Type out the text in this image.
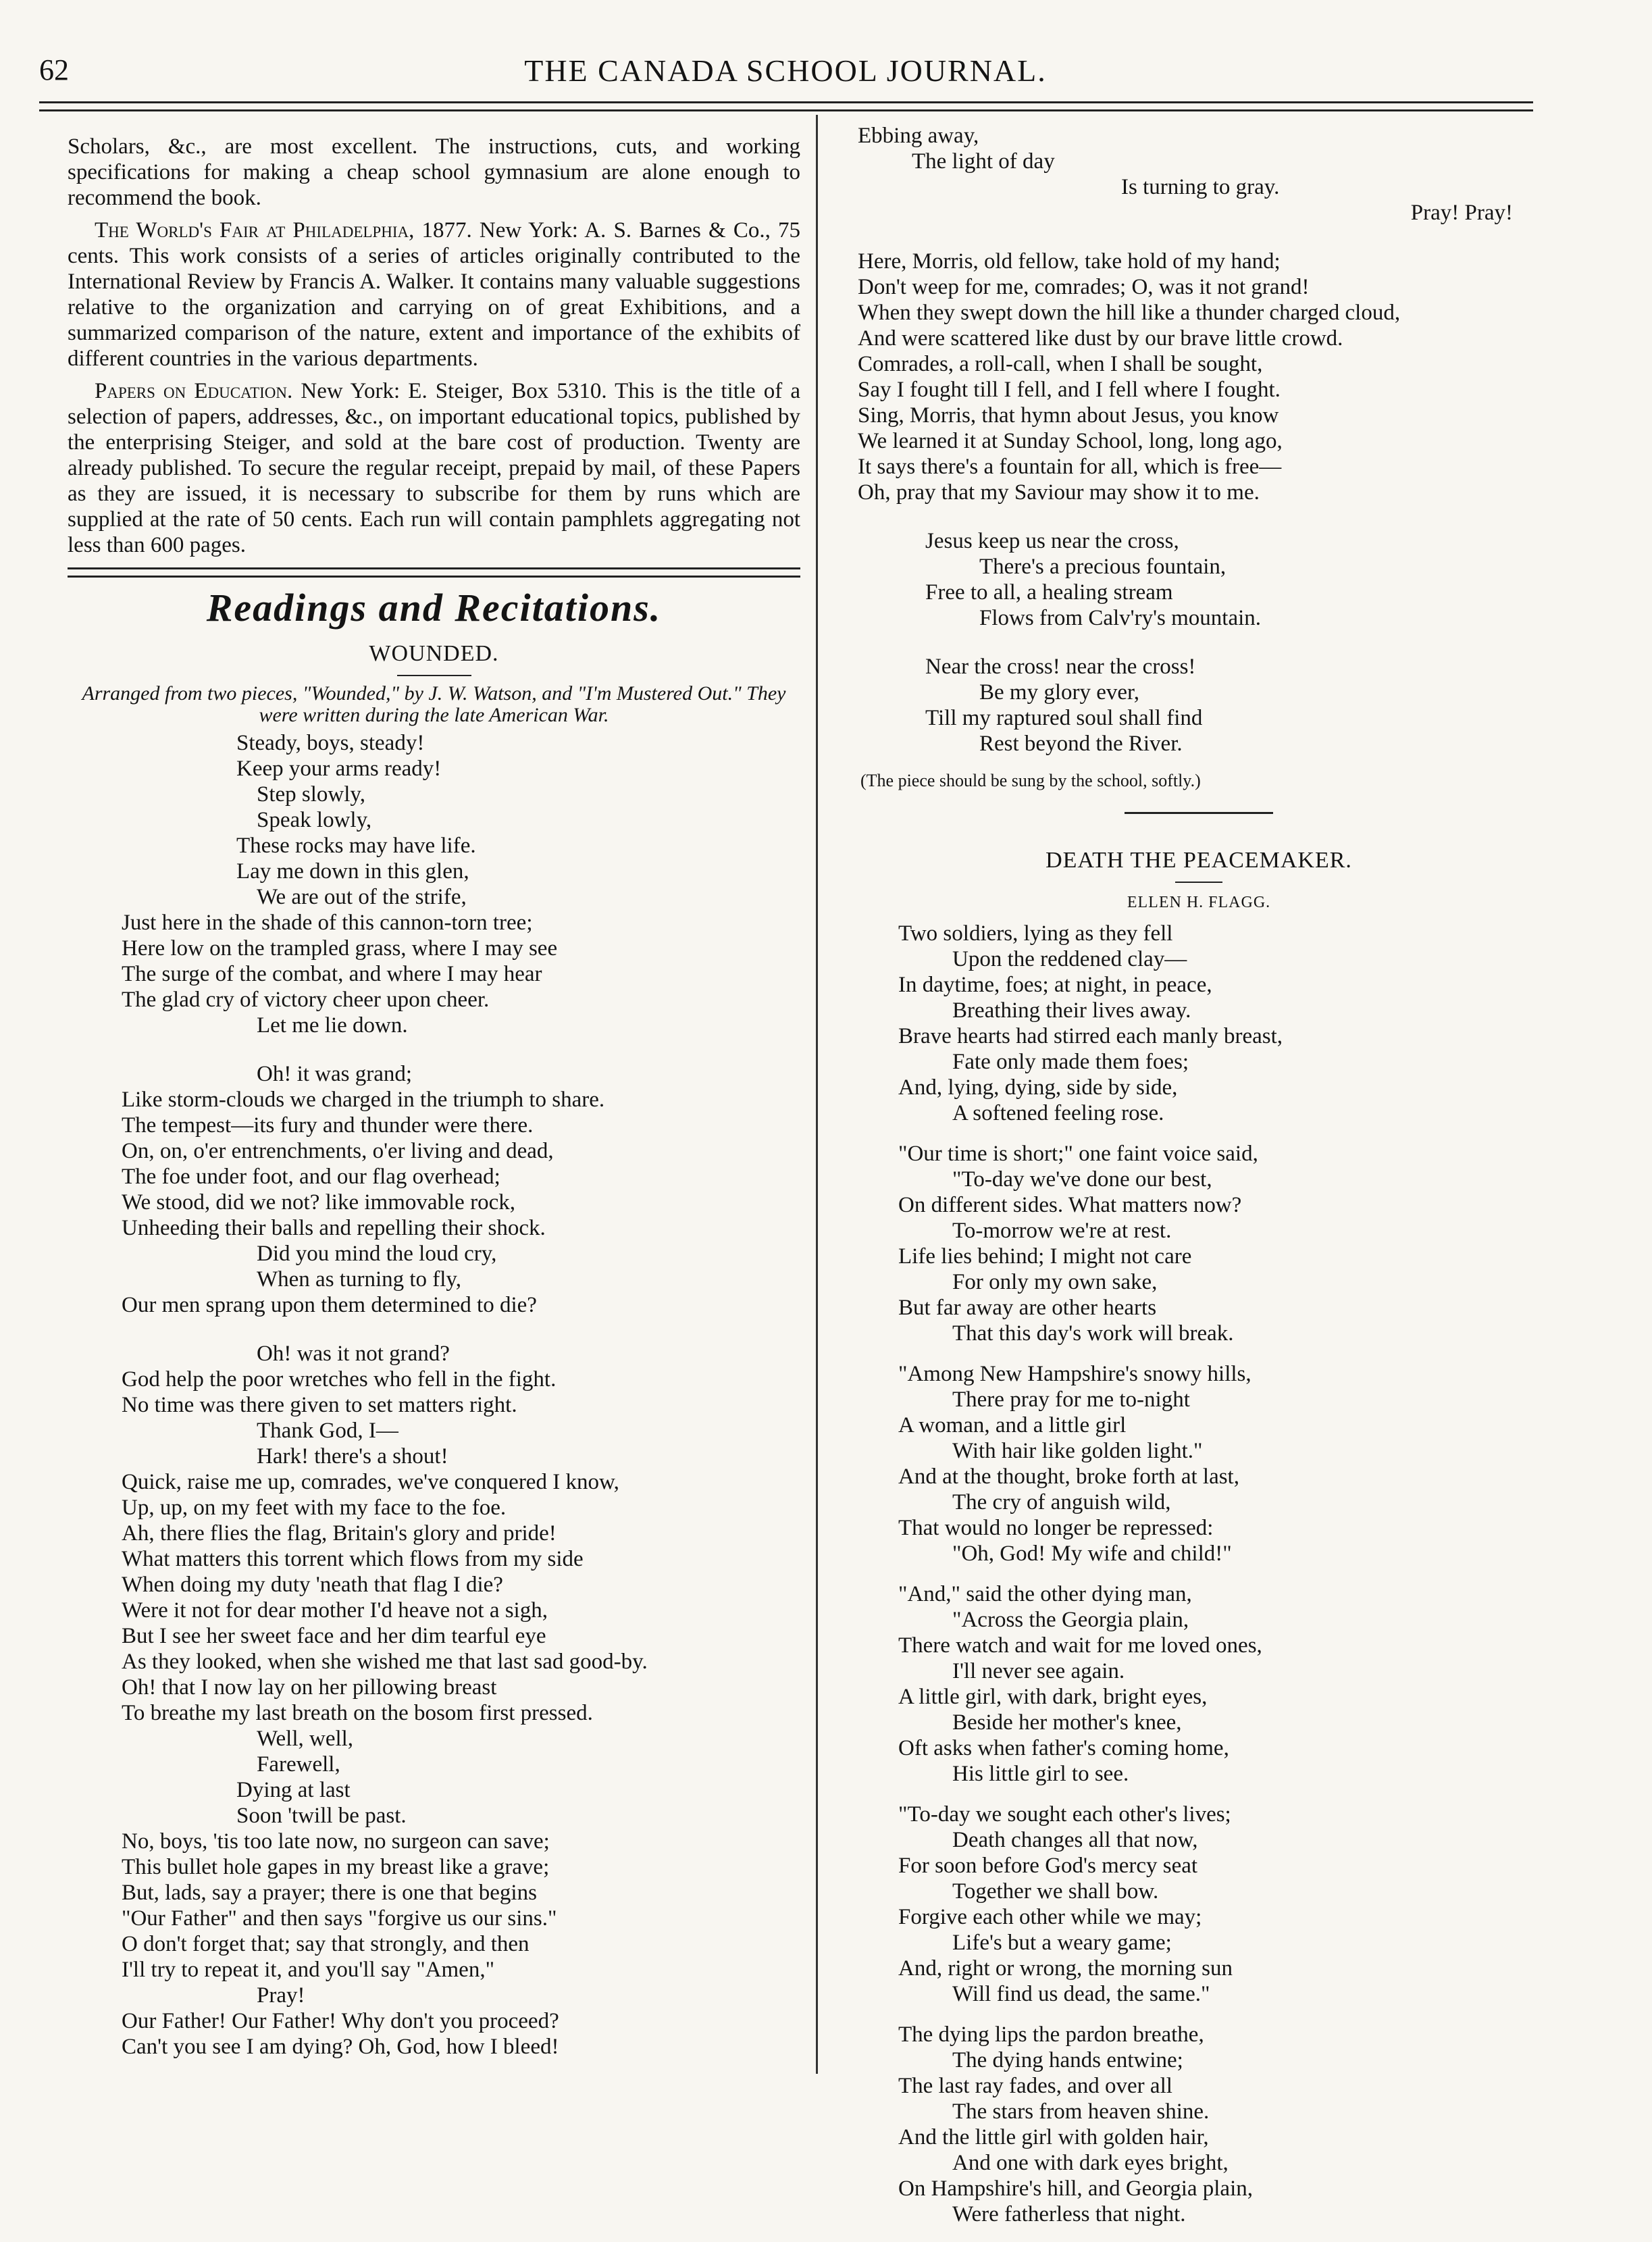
62	THE CANADA SCHOOL JOURNAL.

Scholars, &c., are most excellent. The instructions, cuts, and working specifications for making a cheap school gymnasium are alone enough to recommend the book.

The World's Fair at Philadelphia, 1877. New York: A. S. Barnes & Co., 75 cents. This work consists of a series of articles originally contributed to the International Review by Francis A. Walker. It contains many valuable suggestions relative to the organization and carrying on of great Exhibitions, and a summarized comparison of the nature, extent and importance of the exhibits of different countries in the various departments.

Papers on Education. New York: E. Steiger, Box 5310. This is the title of a selection of papers, addresses, &c., on important educational topics, published by the enterprising Steiger, and sold at the bare cost of production. Twenty are already published. To secure the regular receipt, prepaid by mail, of these Papers as they are issued, it is necessary to subscribe for them by runs which are supplied at the rate of 50 cents. Each run will contain pamphlets aggregating not less than 600 pages.

Readings and Recitations.
WOUNDED.
Arranged from two pieces, "Wounded," by J. W. Watson, and "I'm Mustered Out." They were written during the late American War.
Steady, boys, steady!
Keep your arms ready!
Step slowly,
Speak lowly,
These rocks may have life.
Lay me down in this glen,
We are out of the strife,
Just here in the shade of this cannon-torn tree;
Here low on the trampled grass, where I may see
The surge of the combat, and where I may hear
The glad cry of victory cheer upon cheer.
Let me lie down.
Oh! it was grand;
Like storm-clouds we charged in the triumph to share.
The tempest—its fury and thunder were there.
On, on, o'er entrenchments, o'er living and dead,
The foe under foot, and our flag overhead;
We stood, did we not? like immovable rock,
Unheeding their balls and repelling their shock.
Did you mind the loud cry,
When as turning to fly,
Our men sprang upon them determined to die?
Oh! was it not grand?
God help the poor wretches who fell in the fight.
No time was there given to set matters right.
Thank God, I—
Hark! there's a shout!
Quick, raise me up, comrades, we've conquered I know,
Up, up, on my feet with my face to the foe.
Ah, there flies the flag, Britain's glory and pride!
What matters this torrent which flows from my side
When doing my duty 'neath that flag I die?
Were it not for dear mother I'd heave not a sigh,
But I see her sweet face and her dim tearful eye
As they looked, when she wished me that last sad good-by.
Oh! that I now lay on her pillowing breast
To breathe my last breath on the bosom first pressed.
Well, well,
Farewell,
Dying at last
Soon 'twill be past.
No, boys, 'tis too late now, no surgeon can save;
This bullet hole gapes in my breast like a grave;
But, lads, say a prayer; there is one that begins
"Our Father" and then says "forgive us our sins."
O don't forget that; say that strongly, and then
I'll try to repeat it, and you'll say "Amen,"
Pray!
Our Father! Our Father! Why don't you proceed?
Can't you see I am dying? Oh, God, how I bleed!
Ebbing away,
The light of day
Is turning to gray.
Pray! Pray!
Here, Morris, old fellow, take hold of my hand;
Don't weep for me, comrades; O, was it not grand!
When they swept down the hill like a thunder charged cloud,
And were scattered like dust by our brave little crowd.
Comrades, a roll-call, when I shall be sought,
Say I fought till I fell, and I fell where I fought.
Sing, Morris, that hymn about Jesus, you know
We learned it at Sunday School, long, long ago,
It says there's a fountain for all, which is free—
Oh, pray that my Saviour may show it to me.
Jesus keep us near the cross,
There's a precious fountain,
Free to all, a healing stream
Flows from Calv'ry's mountain.
Near the cross! near the cross!
Be my glory ever,
Till my raptured soul shall find
Rest beyond the River.
(The piece should be sung by the school, softly.)
DEATH THE PEACEMAKER.
ELLEN H. FLAGG.
Two soldiers, lying as they fell
Upon the reddened clay—
In daytime, foes; at night, in peace,
Breathing their lives away.
Brave hearts had stirred each manly breast,
Fate only made them foes;
And, lying, dying, side by side,
A softened feeling rose.
"Our time is short;" one faint voice said,
"To-day we've done our best,
On different sides. What matters now?
To-morrow we're at rest.
Life lies behind; I might not care
For only my own sake,
But far away are other hearts
That this day's work will break.
"Among New Hampshire's snowy hills,
There pray for me to-night
A woman, and a little girl
With hair like golden light."
And at the thought, broke forth at last,
The cry of anguish wild,
That would no longer be repressed:
"Oh, God! My wife and child!"
"And," said the other dying man,
"Across the Georgia plain,
There watch and wait for me loved ones,
I'll never see again.
A little girl, with dark, bright eyes,
Beside her mother's knee,
Oft asks when father's coming home,
His little girl to see.
"To-day we sought each other's lives;
Death changes all that now,
For soon before God's mercy seat
Together we shall bow.
Forgive each other while we may;
Life's but a weary game;
And, right or wrong, the morning sun
Will find us dead, the same."
The dying lips the pardon breathe,
The dying hands entwine;
The last ray fades, and over all
The stars from heaven shine.
And the little girl with golden hair,
And one with dark eyes bright,
On Hampshire's hill, and Georgia plain,
Were fatherless that night.
